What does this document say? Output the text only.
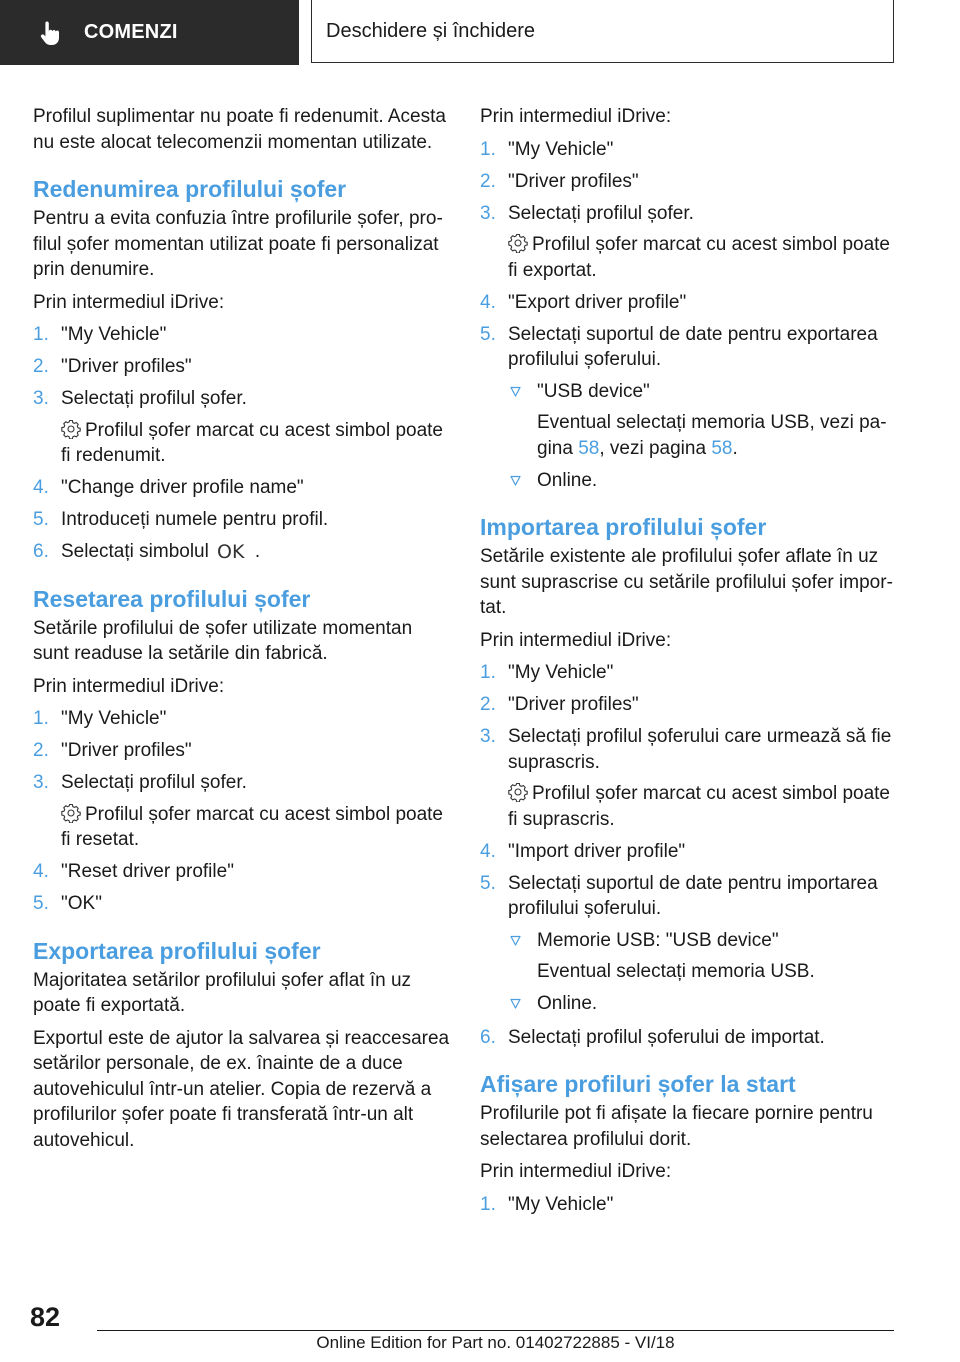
COMENZI	Deschidere și închidere

Profilul suplimentar nu poate fi redenumit. Acesta nu este alocat telecomenzii momentan utilizate.

Redenumirea profilului șofer

Pentru a evita confuzia între profilurile șofer, profilul șofer momentan utilizat poate fi personalizat prin denumire.

Prin intermediul iDrive:

1. "My Vehicle"
2. "Driver profiles"
3. Selectați profilul șofer.
Profilul șofer marcat cu acest simbol poate fi redenumit.
4. "Change driver profile name"
5. Introduceți numele pentru profil.
6. Selectați simbolul OK .
Resetarea profilului șofer

Setările profilului de șofer utilizate momentan sunt readuse la setările din fabrică.

Prin intermediul iDrive:

1. "My Vehicle"
2. "Driver profiles"
3. Selectați profilul șofer.
Profilul șofer marcat cu acest simbol poate fi resetat.
4. "Reset driver profile"
5. "OK"
Exportarea profilului șofer

Majoritatea setărilor profilului șofer aflat în uz poate fi exportată.

Exportul este de ajutor la salvarea și reaccesarea setărilor personale, de ex. înainte de a duce autovehiculul într-un atelier. Copia de rezervă a profilurilor șofer poate fi transferată într-un alt autovehicul.

Prin intermediul iDrive:

1. "My Vehicle"
2. "Driver profiles"
3. Selectați profilul șofer.
Profilul șofer marcat cu acest simbol poate fi exportat.
4. "Export driver profile"
5. Selectați suportul de date pentru exportarea profilului șoferului.
"USB device"
Eventual selectați memoria USB, vezi pagina 58, vezi pagina 58.
Online.
Importarea profilului șofer

Setările existente ale profilului șofer aflate în uz sunt suprascrise cu setările profilului șofer importat.

Prin intermediul iDrive:

1. "My Vehicle"
2. "Driver profiles"
3. Selectați profilul șoferului care urmează să fie suprascris.
Profilul șofer marcat cu acest simbol poate fi suprascris.
4. "Import driver profile"
5. Selectați suportul de date pentru importarea profilului șoferului.
Memorie USB: "USB device"
Eventual selectați memoria USB.
Online.
6. Selectați profilul șoferului de importat.
Afișare profiluri șofer la start

Profilurile pot fi afișate la fiecare pornire pentru selectarea profilului dorit.

Prin intermediul iDrive:

1. "My Vehicle"
82
Online Edition for Part no. 01402722885 - VI/18
